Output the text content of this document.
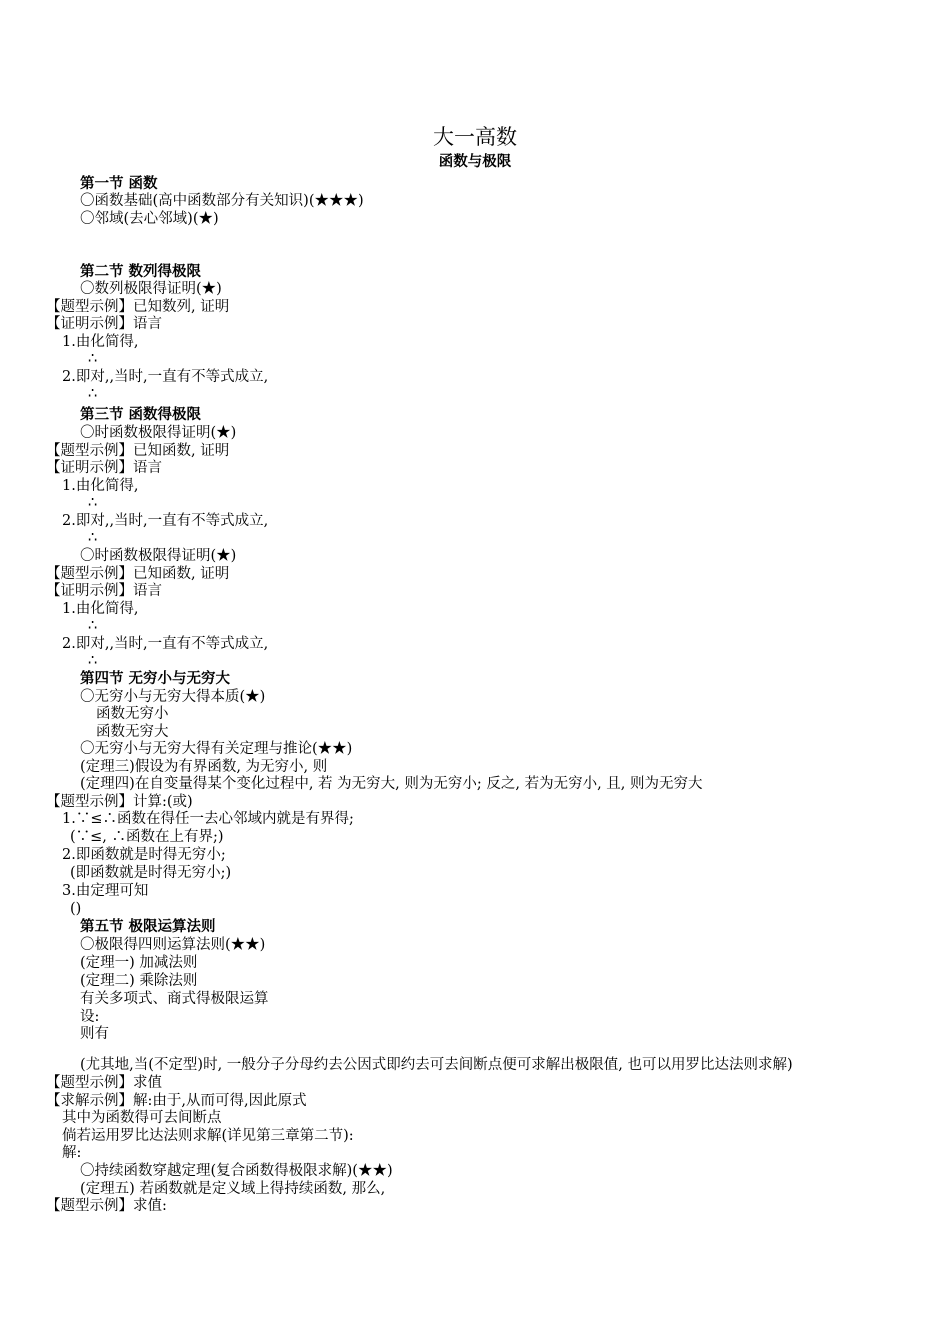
大一高数
函数与极限
第一节 函数
〇函数基础(高中函数部分有关知识)(★★★)
〇邻域(去心邻域)(★)
第二节 数列得极限
〇数列极限得证明(★)
【题型示例】已知数列, 证明
【证明示例】语言
1.由化简得,
∴
2.即对,,当时,一直有不等式成立,
∴
第三节 函数得极限
〇时函数极限得证明(★)
【题型示例】已知函数, 证明
【证明示例】语言
1.由化简得,
∴
2.即对,,当时,一直有不等式成立,
∴
〇时函数极限得证明(★)
【题型示例】已知函数, 证明
【证明示例】语言
1.由化简得,
∴
2.即对,,当时,一直有不等式成立,
∴
第四节 无穷小与无穷大
〇无穷小与无穷大得本质(★)
函数无穷小
函数无穷大
〇无穷小与无穷大得有关定理与推论(★★)
(定理三)假设为有界函数, 为无穷小, 则
(定理四)在自变量得某个变化过程中, 若 为无穷大, 则为无穷小; 反之, 若为无穷小, 且, 则为无穷大
【题型示例】计算:(或)
1.∵≤∴函数在得任一去心邻域内就是有界得;
(∵≤, ∴函数在上有界;)
2.即函数就是时得无穷小;
(即函数就是时得无穷小;)
3.由定理可知
()
第五节 极限运算法则
〇极限得四则运算法则(★★)
(定理一) 加减法则
(定理二) 乘除法则
有关多项式、商式得极限运算
设:
则有
(尤其地,当(不定型)时, 一般分子分母约去公因式即约去可去间断点便可求解出极限值, 也可以用罗比达法则求解)
【题型示例】求值
【求解示例】解:由于,从而可得,因此原式
其中为函数得可去间断点
倘若运用罗比达法则求解(详见第三章第二节):
解:
〇持续函数穿越定理(复合函数得极限求解)(★★)
(定理五) 若函数就是定义域上得持续函数, 那么,
【题型示例】求值:
